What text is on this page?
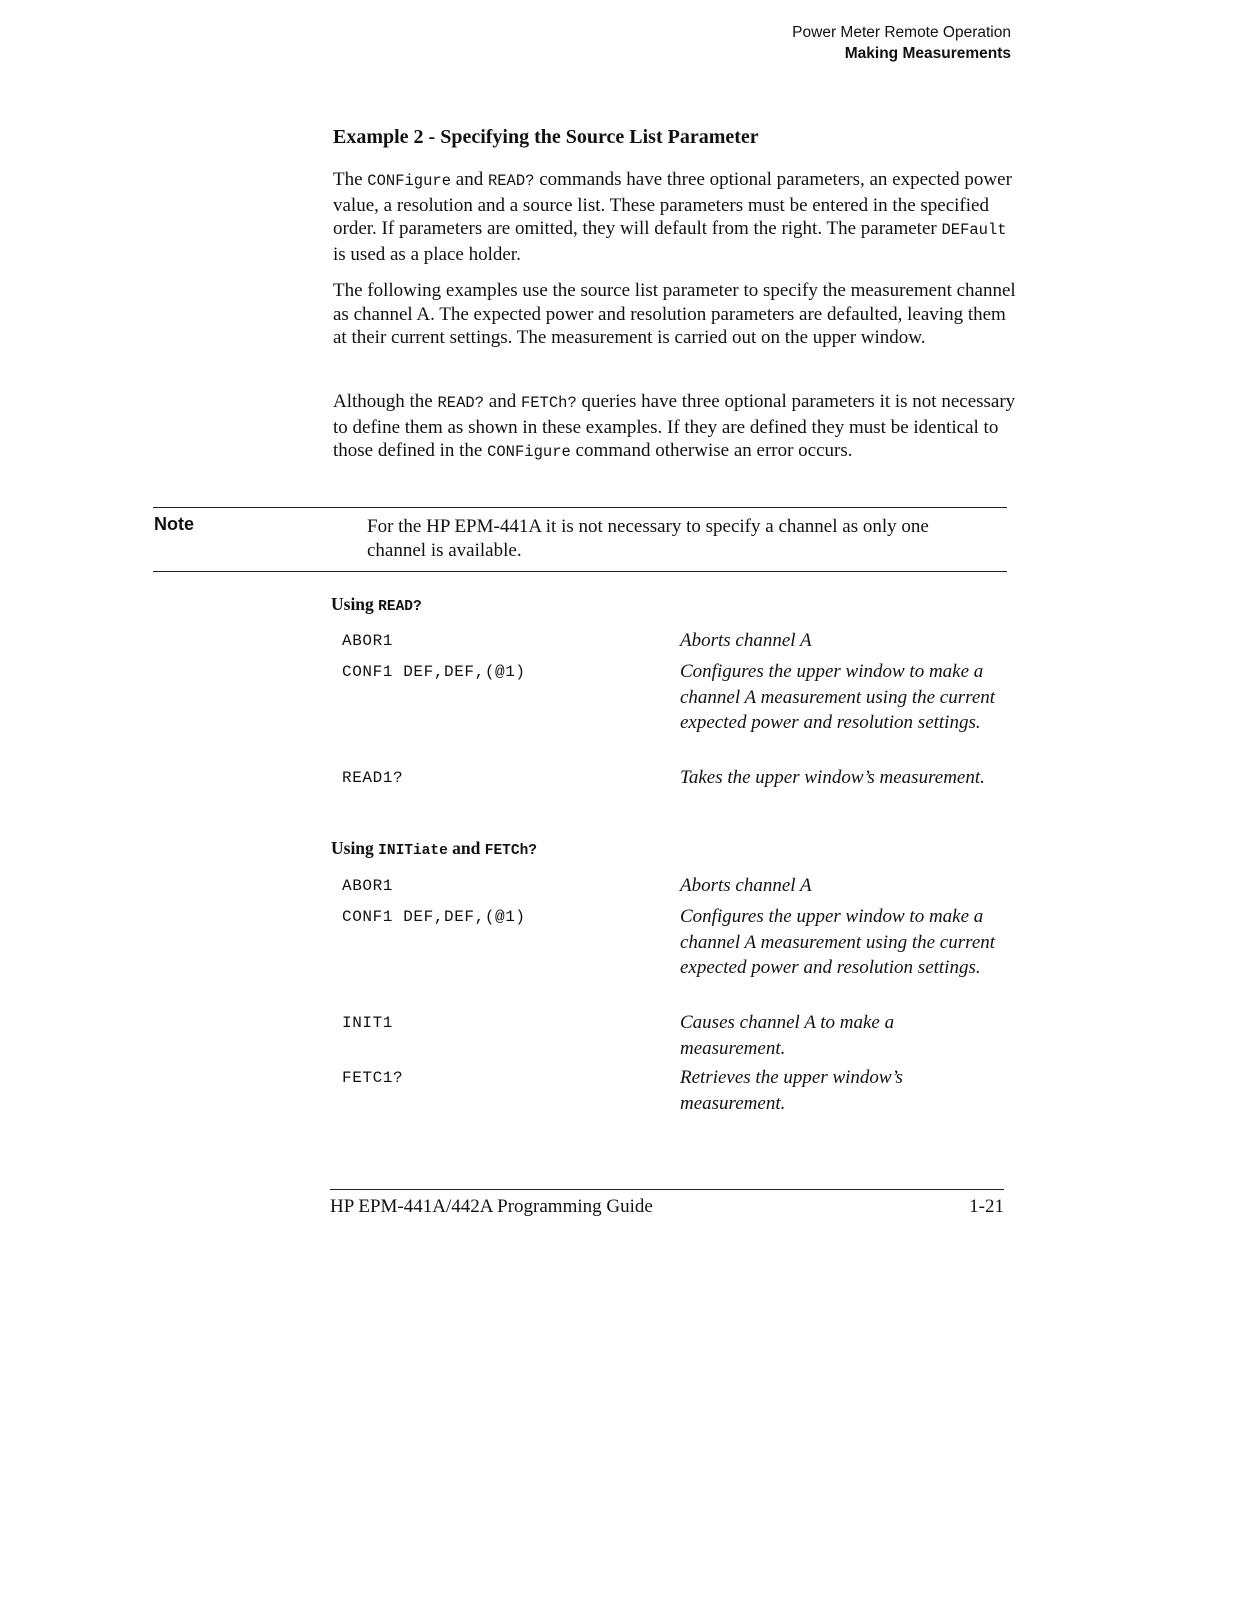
Power Meter Remote Operation
Making Measurements
Example 2 - Specifying the Source List Parameter

The CONFigure and READ? commands have three optional parameters, an expected power value, a resolution and a source list. These parameters must be entered in the specified order. If parameters are omitted, they will default from the right. The parameter DEFault is used as a place holder.

The following examples use the source list parameter to specify the measurement channel as channel A. The expected power and resolution parameters are defaulted, leaving them at their current settings. The measurement is carried out on the upper window.

Although the READ? and FETCh? queries have three optional parameters it is not necessary to define them as shown in these examples. If they are defined they must be identical to those defined in the CONFigure command otherwise an error occurs.

Note	For the HP EPM-441A it is not necessary to specify a channel as only one channel is available.
Using READ?
ABOR1	Aborts channel A
CONF1 DEF,DEF,(@1)	Configures the upper window to make a channel A measurement using the current expected power and resolution settings.
READ1?	Takes the upper window’s measurement.
Using INITiate and FETCh?
ABOR1	Aborts channel A
CONF1 DEF,DEF,(@1)	Configures the upper window to make a channel A measurement using the current expected power and resolution settings.
INIT1	Causes channel A to make a measurement.
FETC1?	Retrieves the upper window’s measurement.
HP EPM-441A/442A Programming Guide	1-21
